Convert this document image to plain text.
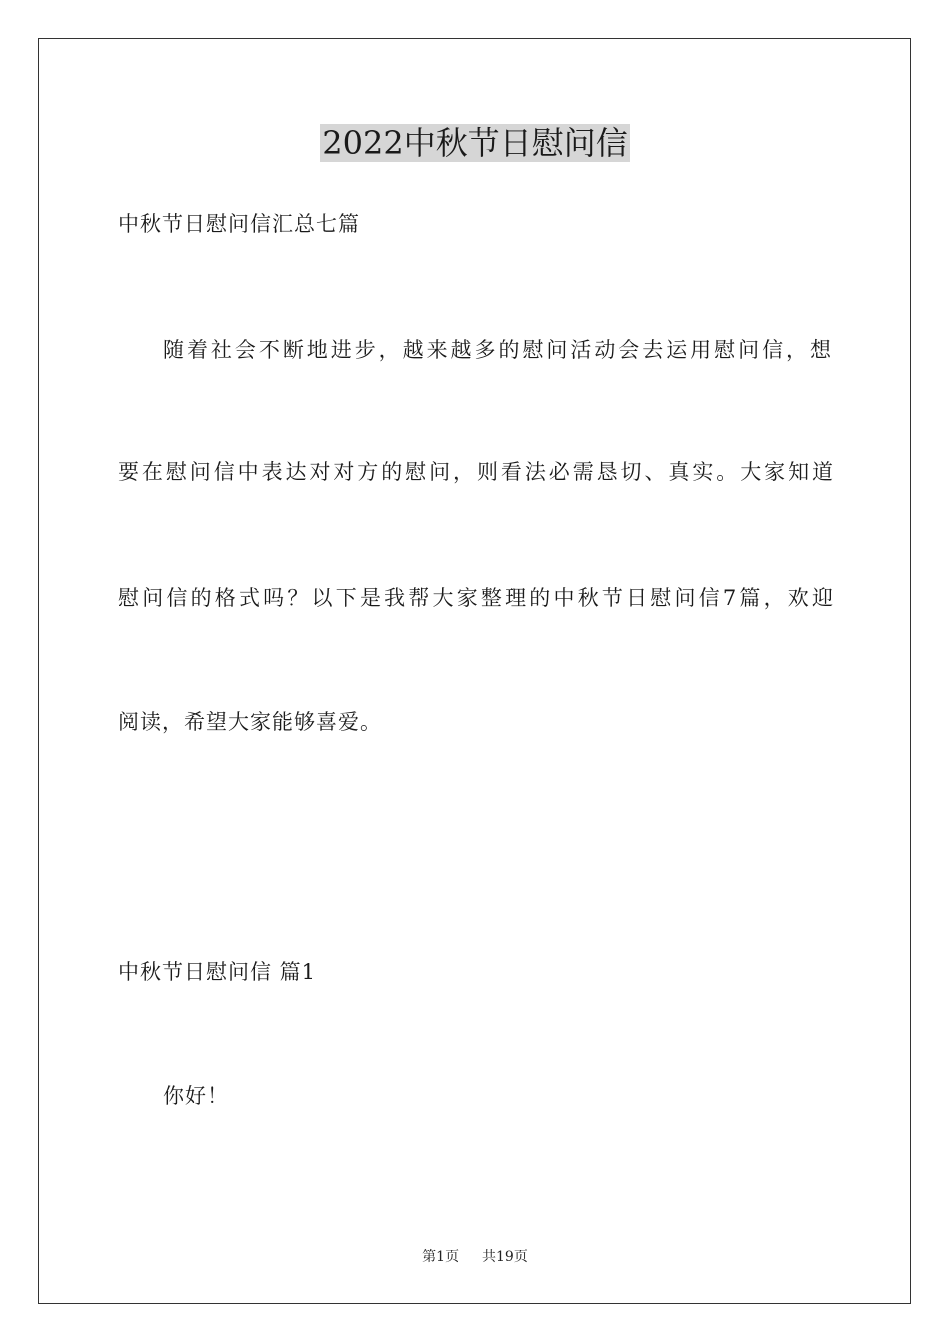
2022中秋节日慰问信

中秋节日慰问信汇总七篇

随着社会不断地进步，越来越多的慰问活动会去运用慰问信，想

要在慰问信中表达对对方的慰问，则看法必需恳切、真实。大家知道

慰问信的格式吗？以下是我帮大家整理的中秋节日慰问信7篇，欢迎

阅读，希望大家能够喜爱。

中秋节日慰问信 篇1

你好！

第1页 共19页
